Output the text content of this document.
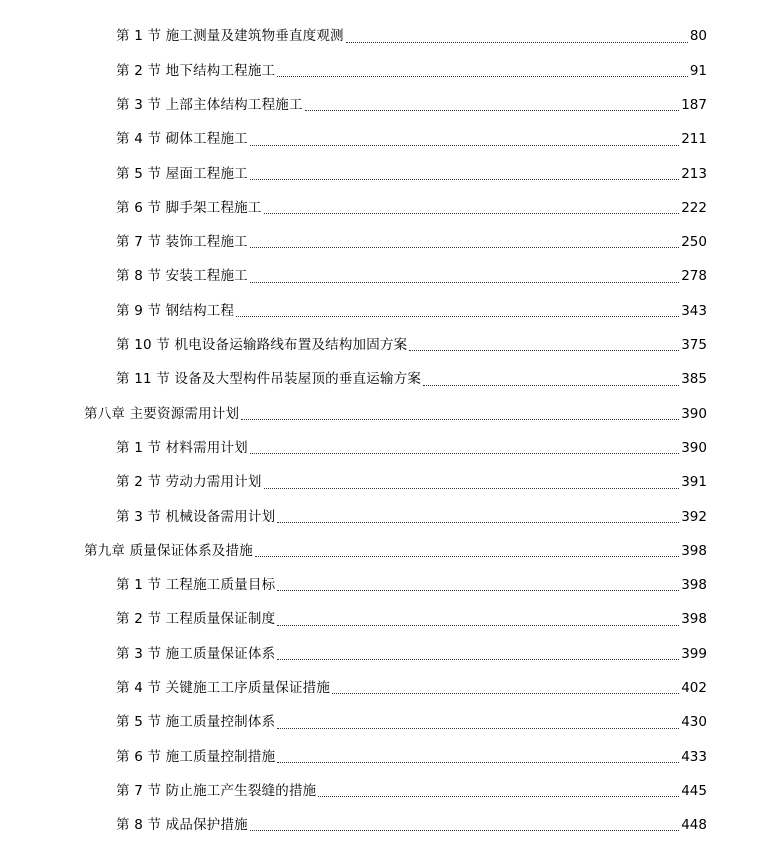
第 1 节 施工测量及建筑物垂直度观测	80
第 2 节 地下结构工程施工	91
第 3 节 上部主体结构工程施工	187
第 4 节 砌体工程施工	211
第 5 节 屋面工程施工	213
第 6 节 脚手架工程施工	222
第 7 节 装饰工程施工	250
第 8 节 安装工程施工	278
第 9 节 钢结构工程	343
第 10 节 机电设备运输路线布置及结构加固方案	375
第 11 节 设备及大型构件吊装屋顶的垂直运输方案	385
第八章 主要资源需用计划	390
第 1 节 材料需用计划	390
第 2 节 劳动力需用计划	391
第 3 节 机械设备需用计划	392
第九章 质量保证体系及措施	398
第 1 节 工程施工质量目标	398
第 2 节 工程质量保证制度	398
第 3 节 施工质量保证体系	399
第 4 节 关键施工工序质量保证措施	402
第 5 节 施工质量控制体系	430
第 6 节 施工质量控制措施	433
第 7 节 防止施工产生裂缝的措施	445
第 8 节 成品保护措施	448
